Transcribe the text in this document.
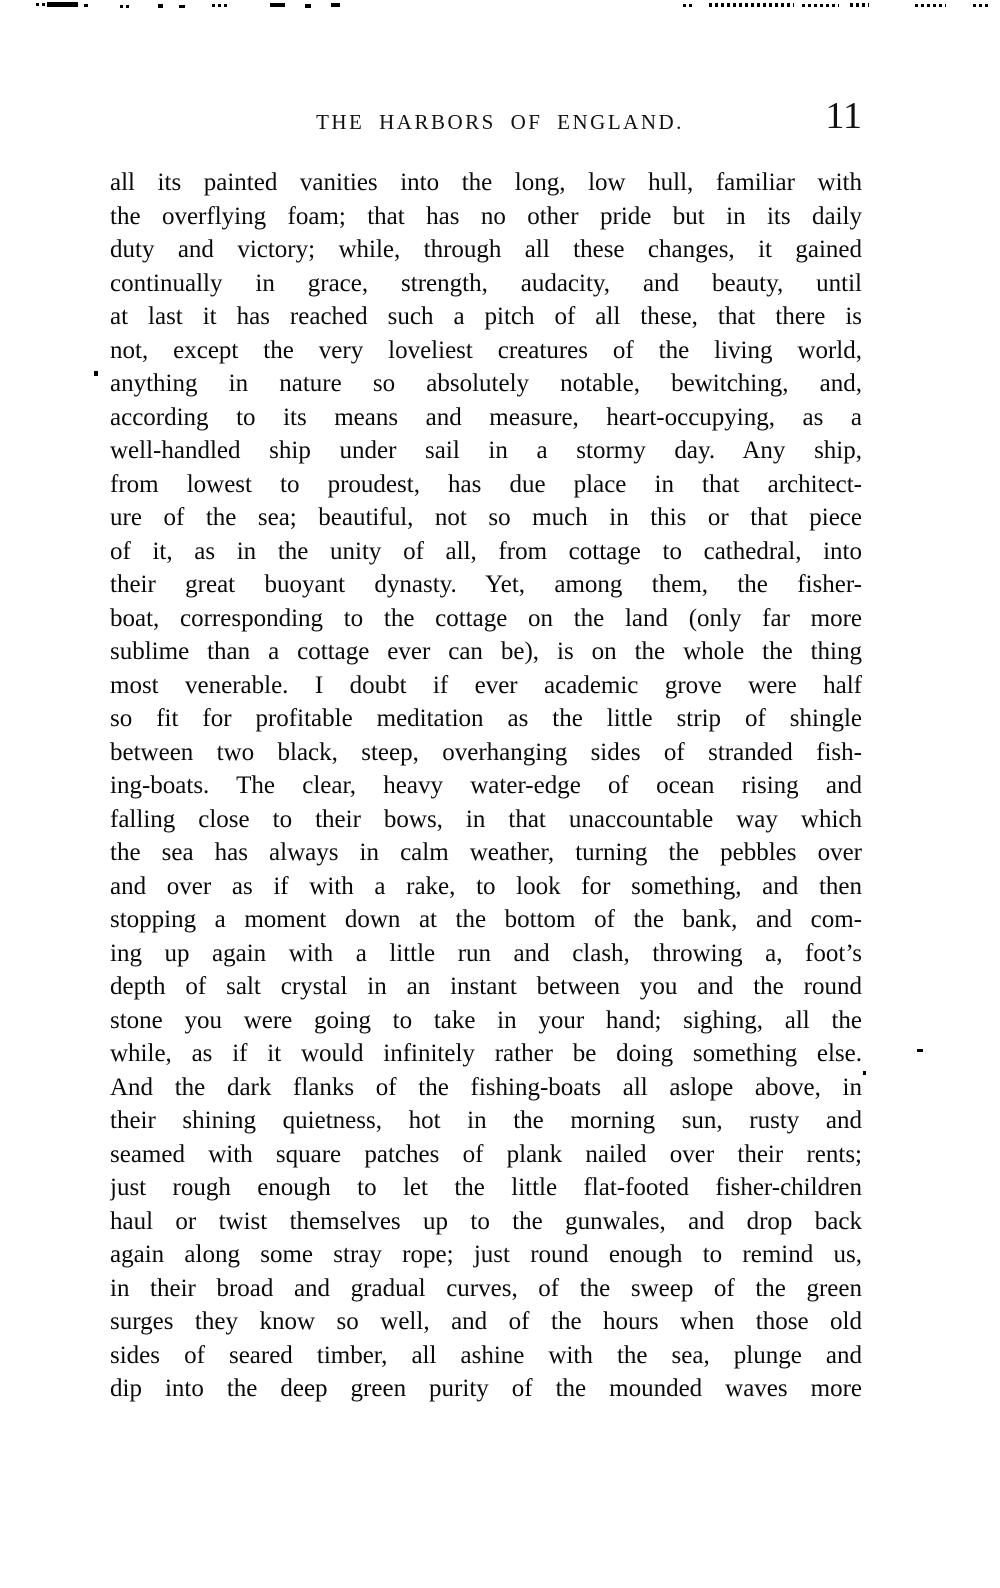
THE HARBORS OF ENGLAND.	11

all its painted vanities into the long, low hull, familiar with

the overflying foam; that has no other pride but in its daily

duty and victory; while, through all these changes, it gained

continually in grace, strength, audacity, and beauty, until

at last it has reached such a pitch of all these, that there is

not, except the very loveliest creatures of the living world,

anything in nature so absolutely notable, bewitching, and,

according to its means and measure, heart-occupying, as a

well-handled ship under sail in a stormy day. Any ship,

from lowest to proudest, has due place in that architect-

ure of the sea; beautiful, not so much in this or that piece

of it, as in the unity of all, from cottage to cathedral, into

their great buoyant dynasty. Yet, among them, the fisher-

boat, corresponding to the cottage on the land (only far more

sublime than a cottage ever can be), is on the whole the thing

most venerable. I doubt if ever academic grove were half

so fit for profitable meditation as the little strip of shingle

between two black, steep, overhanging sides of stranded fish-

ing-boats. The clear, heavy water-edge of ocean rising and

falling close to their bows, in that unaccountable way which

the sea has always in calm weather, turning the pebbles over

and over as if with a rake, to look for something, and then

stopping a moment down at the bottom of the bank, and com-

ing up again with a little run and clash, throwing a, foot’s

depth of salt crystal in an instant between you and the round

stone you were going to take in your hand; sighing, all the

while, as if it would infinitely rather be doing something else.

And the dark flanks of the fishing-boats all aslope above, in

their shining quietness, hot in the morning sun, rusty and

seamed with square patches of plank nailed over their rents;

just rough enough to let the little flat-footed fisher-children

haul or twist themselves up to the gunwales, and drop back

again along some stray rope; just round enough to remind us,

in their broad and gradual curves, of the sweep of the green

surges they know so well, and of the hours when those old

sides of seared timber, all ashine with the sea, plunge and

dip into the deep green purity of the mounded waves more
